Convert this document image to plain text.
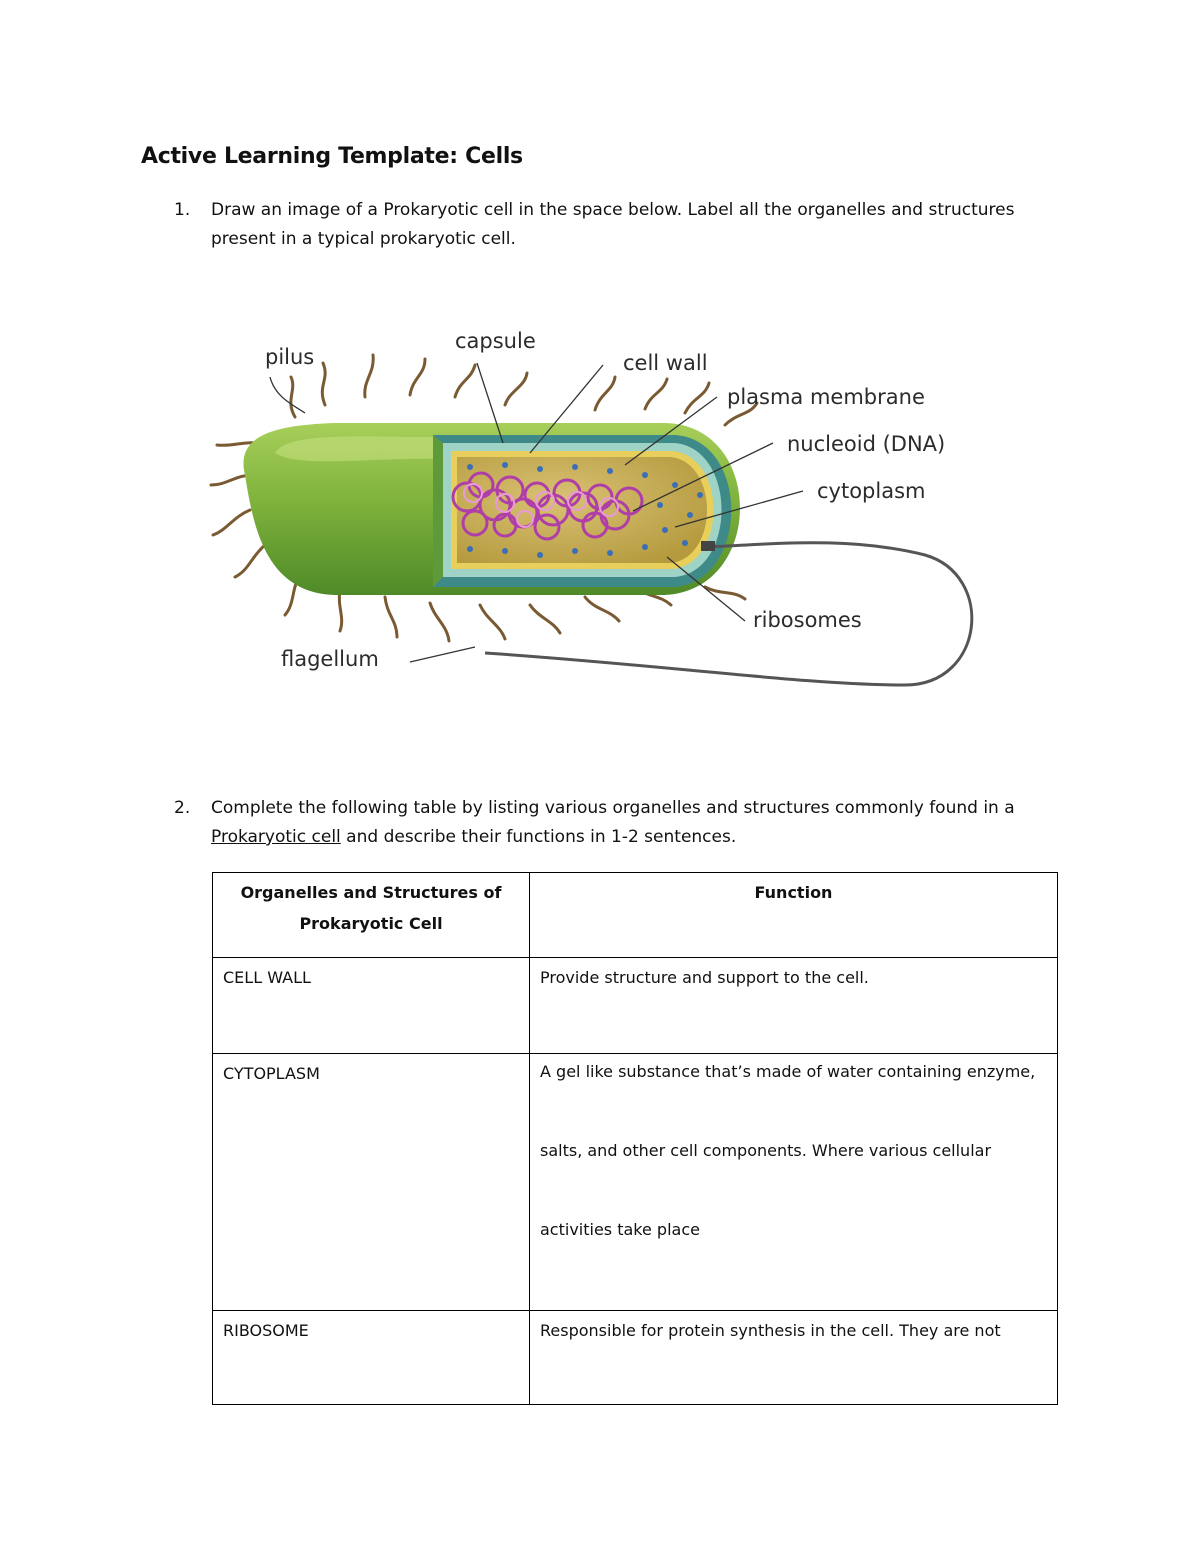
Active Learning Template: Cells
1. Draw an image of a Prokaryotic cell in the space below. Label all the organelles and structures present in a typical prokaryotic cell.
pilus
capsule
cell wall
plasma membrane
nucleoid (DNA)
cytoplasm
ribosomes
flagellum
2. Complete the following table by listing various organelles and structures commonly found in a Prokaryotic cell and describe their functions in 1-2 sentences.
Organelles and Structures of Prokaryotic Cell	Function

CELL WALL	Provide structure and support to the cell.

CYTOPLASM	A gel like substance that’s made of water containing enzyme, salts, and other cell components. Where various cellular activities take place

RIBOSOME	Responsible for protein synthesis in the cell. They are not
